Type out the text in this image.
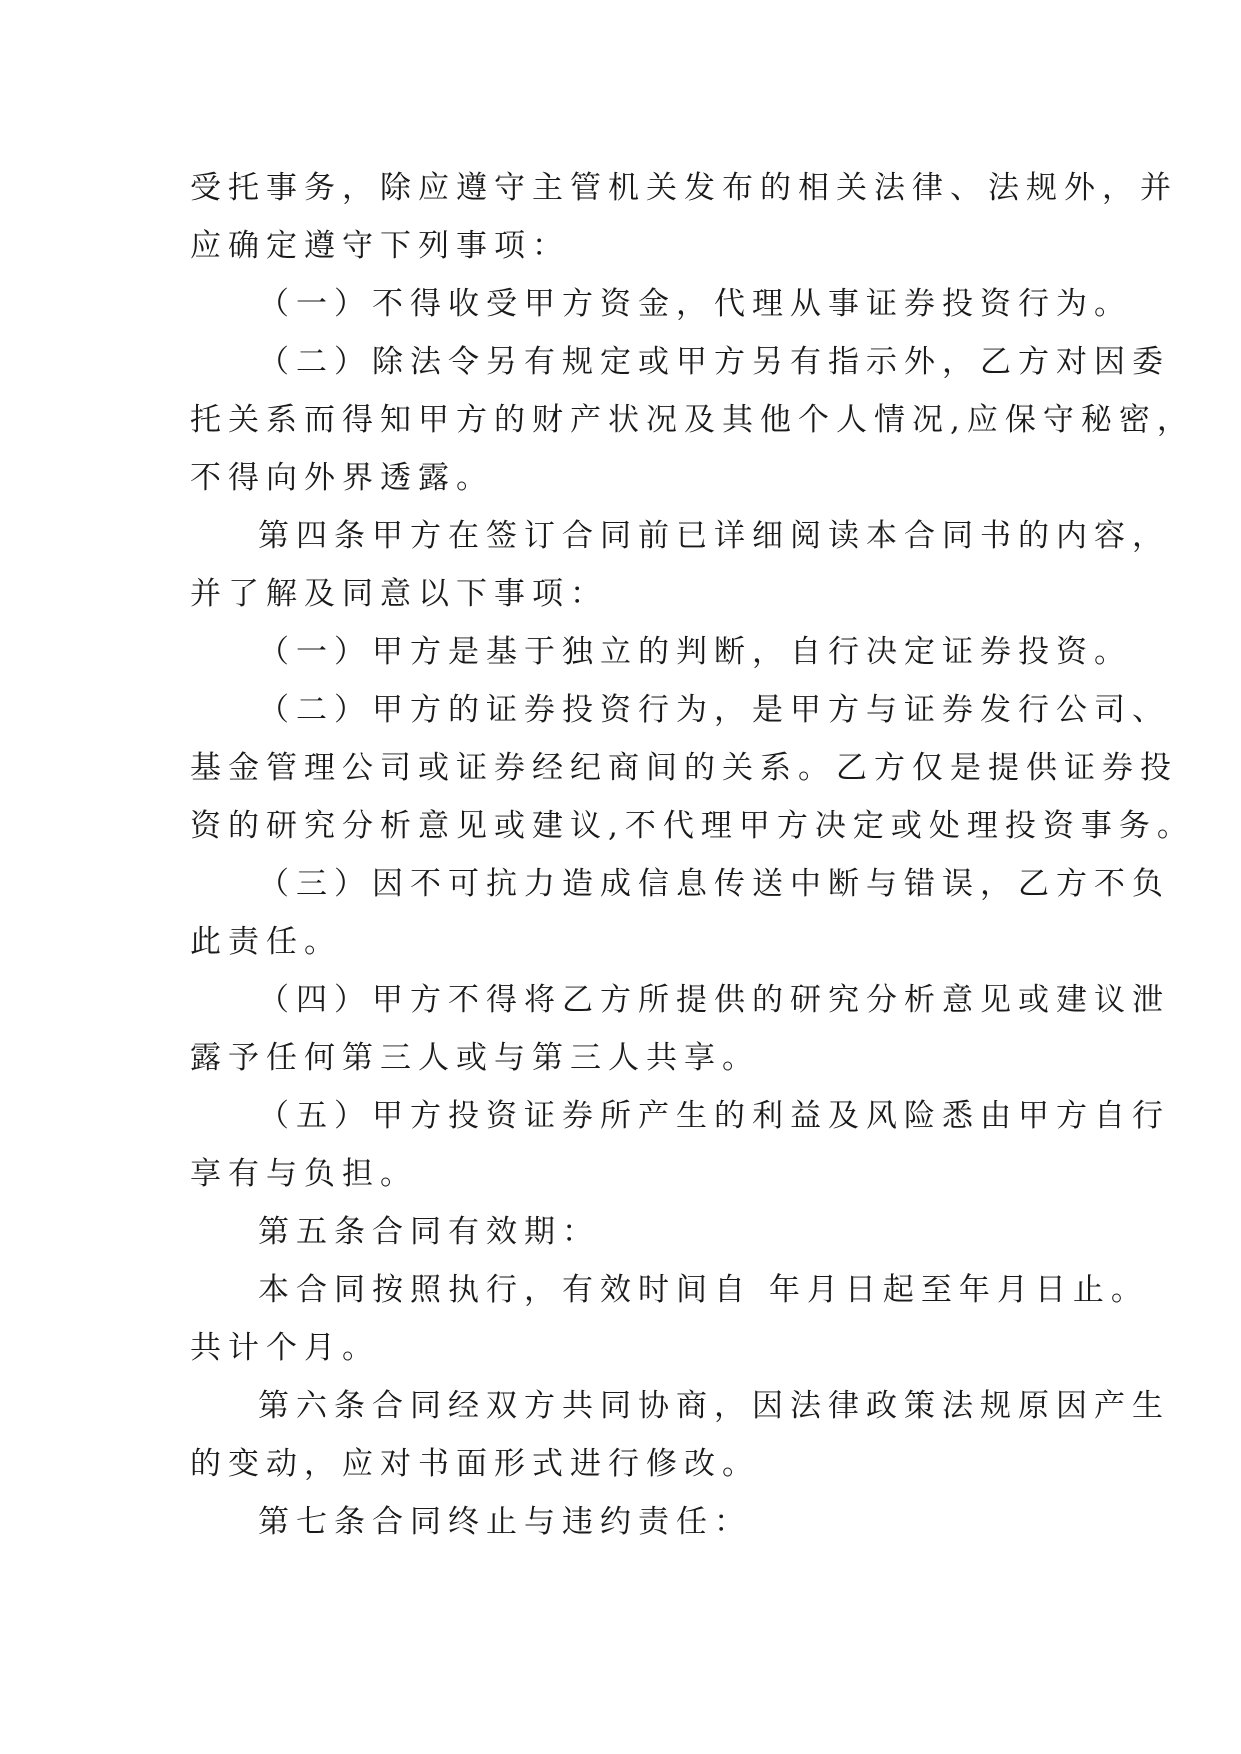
受托事务，除应遵守主管机关发布的相关法律、法规外，并
应确定遵守下列事项：
（一）不得收受甲方资金，代理从事证券投资行为。
（二）除法令另有规定或甲方另有指示外，乙方对因委
托关系而得知甲方的财产状况及其他个人情况,应保守秘密，
不得向外界透露。
第四条甲方在签订合同前已详细阅读本合同书的内容，
并了解及同意以下事项：
（一）甲方是基于独立的判断，自行决定证券投资。
（二）甲方的证券投资行为，是甲方与证券发行公司、
基金管理公司或证券经纪商间的关系。乙方仅是提供证券投
资的研究分析意见或建议,不代理甲方决定或处理投资事务。
（三）因不可抗力造成信息传送中断与错误，乙方不负
此责任。
（四）甲方不得将乙方所提供的研究分析意见或建议泄
露予任何第三人或与第三人共享。
（五）甲方投资证券所产生的利益及风险悉由甲方自行
享有与负担。
第五条合同有效期：
本合同按照执行，有效时间自 年月日起至年月日止。
共计个月。
第六条合同经双方共同协商，因法律政策法规原因产生
的变动，应对书面形式进行修改。
第七条合同终止与违约责任：
